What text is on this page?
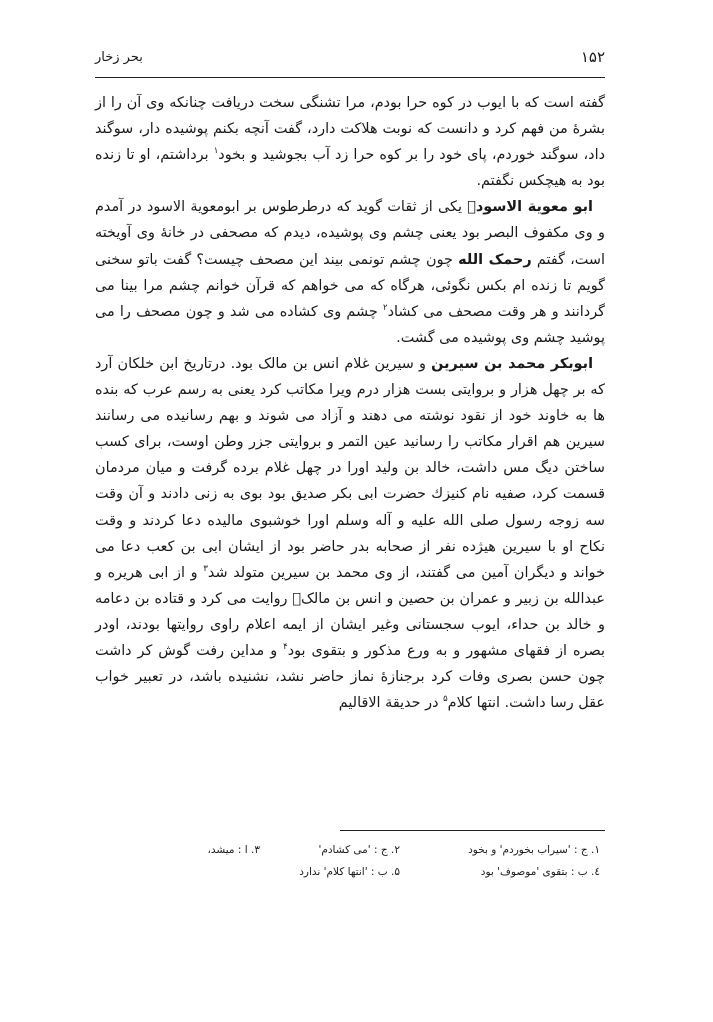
۱۵۲
بحر زخار

گفته است که با ایوب در کوه حرا بودم، مرا تشنگی سخت دریافت چنانکه وی آن را از بشرهٔ من فهم کرد و دانست که نوبت هلاکت دارد، گفت آنچه بکنم پوشیده دار، سوگند داد، سوگند خوردم، پای خود را بر کوه حرا زد آب بجوشید و بخود$^۱$ برداشتم، او تا زنده بود به هیچکس نگفتم.

ابو معویة الاسودؒ یکی از ثقات گوید که درطرطوس بر ابومعویة الاسود در آمدم و وی مکفوف البصر بود یعنی چشم وی پوشیده، دیدم که مصحفی در خانهٔ وی آویخته است، گفتم رحمک الله چون چشم تونمی بیند این مصحف چیست؟ گفت باتو سخنی گویم تا زنده ام بکس نگوئی، هرگاه که می خواهم که قرآن خوانم چشم مرا بینا می گردانند و هر وقت مصحف می کشاد$^۲$ چشم وی کشاده می شد و چون مصحف را می پوشید چشم وی پوشیده می گشت.

ابوبکر محمد بن سیرین و سیرین غلام انس بن مالک بود. درتاریخ ابن خلکان آرد که بر چهل هزار و بروایتی بست هزار درم ویرا مکاتب کرد یعنی به رسم عرب که بنده ها به خاوند خود از نقود نوشته می دهند و آزاد می شوند و بهم رسانیده می رسانند سیرین هم اقرار مکاتب را رسانید عین التمر و بروایتی جزر وطن اوست، برای کسب ساختن دیگ مس داشت، خالد بن ولید اورا در چهل غلام برده گرفت و میان مردمان قسمت کرد، صفیه نام کنیزك حضرت ابی بکر صدیق بود بوی به زنی دادند و آن وقت سه زوجه رسول صلی الله علیه و آله وسلم اورا خوشبوی مالیده دعا کردند و وقت نکاح او با سیرین هیژده نفر از صحابه بدر حاضر بود از ایشان ابی بن کعب دعا می خواند و دیگران آمین می گفتند، از وی محمد بن سیرین متولد شد$^۳$ و از ابی هریره و عبدالله بن زبیر و عمران بن حصین و انس بن مالکؓ روایت می کرد و قتاده بن دعامه و خالد بن حداء، ایوب سجستانی وغیر ایشان از ایمه اعلام راوی روایتها بودند، اودر بصره از فقهای مشهور و به ورع مذکور و بتقوی بود$^۴$ و مداین رفت گوش کر داشت چون حسن بصری وفات کرد برجنازهٔ نماز حاضر نشد، نشنیده باشد، در تعبیر خواب عقل رسا داشت. انتها کلام$^۵$ در حدیقة الاقالیم

۱. ج : 'سیراب بخوردم' و بخود
۲. ج : 'می کشادم'
۳. ا : میشد،
٤. ب : بتقوی 'موصوف' بود
۵. ب : 'انتها کلام' ندارد
